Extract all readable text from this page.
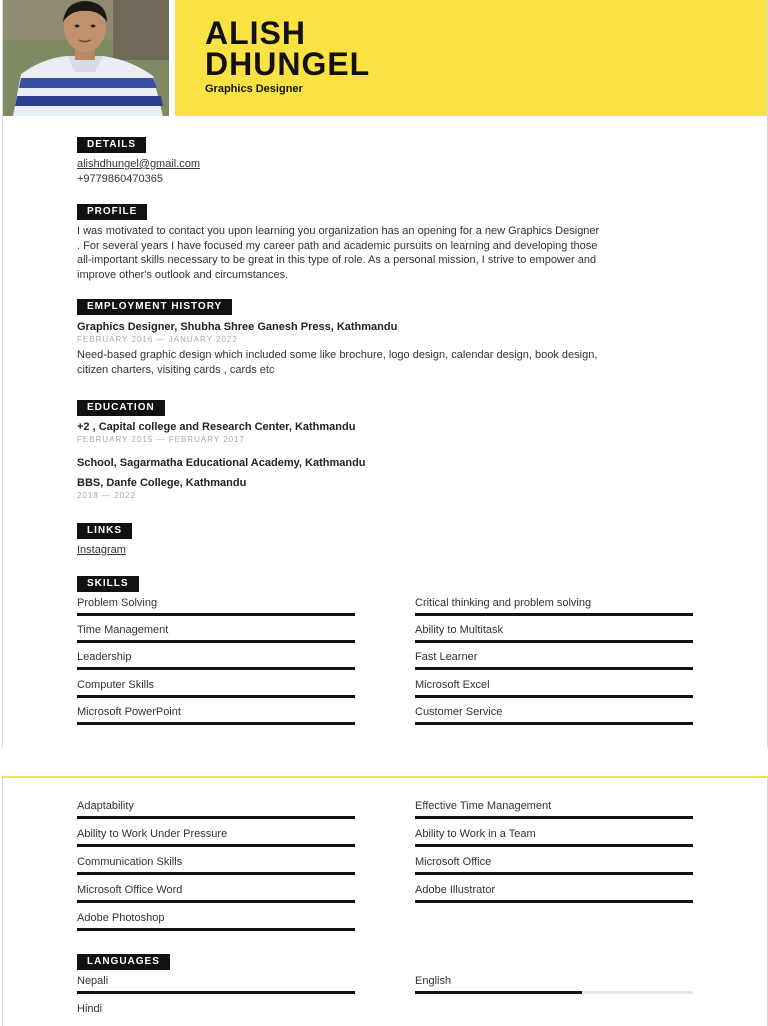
ALISH
DHUNGEL
Graphics Designer
DETAILS
alishdhungel@gmail.com
+9779860470365
PROFILE
I was motivated to contact you upon learning you organization has an opening for a new Graphics Designer
. For several years I have focused my career path and academic pursuits on learning and developing those
all-important skills necessary to be great in this type of role. As a personal mission, I strive to empower and
improve other's outlook and circumstances.
EMPLOYMENT HISTORY
Graphics Designer, Shubha Shree Ganesh Press, Kathmandu
FEBRUARY 2016 — JANUARY 2022
Need-based graphic design which included some like brochure, logo design, calendar design, book design,
citizen charters, visiting cards , cards etc
EDUCATION
+2 , Capital college and Research Center, Kathmandu
FEBRUARY 2015 — FEBRUARY 2017
School, Sagarmatha Educational Academy, Kathmandu
BBS, Danfe College, Kathmandu
2018 — 2022
LINKS
Instagram
SKILLS
Problem Solving	Critical thinking and problem solving
Time Management	Ability to Multitask
Leadership	Fast Learner
Computer Skills	Microsoft Excel
Microsoft PowerPoint	Customer Service
Adaptability	Effective Time Management
Ability to Work Under Pressure	Ability to Work in a Team
Communication Skills	Microsoft Office
Microsoft Office Word	Adobe Illustrator
Adobe Photoshop
LANGUAGES
Nepali	English
Hindi
